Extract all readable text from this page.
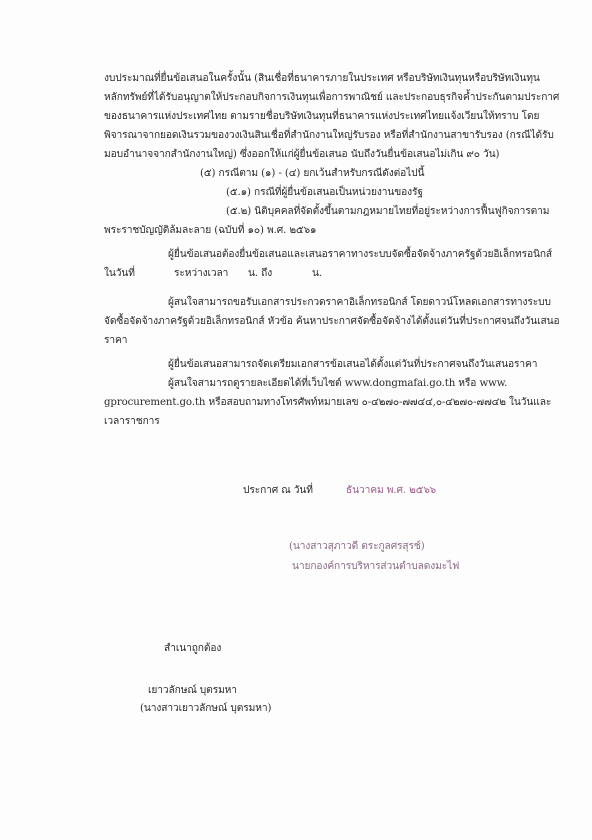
งบประมาณที่ยื่นข้อเสนอในครั้งนั้น (สินเชื่อที่ธนาคารภายในประเทศ หรือบริษัทเงินทุนหรือบริษัทเงินทุน
หลักทรัพย์ที่ได้รับอนุญาตให้ประกอบกิจการเงินทุนเพื่อการพาณิชย์ และประกอบธุรกิจค้ำประกันตามประกาศ
ของธนาคารแห่งประเทศไทย ตามรายชื่อบริษัทเงินทุนที่ธนาคารแห่งประเทศไทยแจ้งเวียนให้ทราบ โดย
พิจารณาจากยอดเงินรวมของวงเงินสินเชื่อที่สำนักงานใหญ่รับรอง หรือที่สำนักงานสาขารับรอง (กรณีได้รับ
มอบอำนาจจากสำนักงานใหญ่) ซึ่งออกให้แก่ผู้ยื่นข้อเสนอ นับถึงวันยื่นข้อเสนอไม่เกิน ๙๐ วัน)
(๕) กรณีตาม (๑) - (๔) ยกเว้นสำหรับกรณีดังต่อไปนี้
(๕.๑) กรณีที่ผู้ยื่นข้อเสนอเป็นหน่วยงานของรัฐ
(๕.๒) นิติบุคคลที่จัดตั้งขึ้นตามกฎหมายไทยที่อยู่ระหว่างการฟื้นฟูกิจการตาม
พระราชบัญญัติล้มละลาย (ฉบับที่ ๑๐) พ.ศ. ๒๕๖๑
ผู้ยื่นข้อเสนอต้องยื่นข้อเสนอและเสนอราคาทางระบบจัดซื้อจัดจ้างภาครัฐด้วยอิเล็กทรอนิกส์
ในวันที่	ระหว่างเวลา น. ถึง	น.
ผู้สนใจสามารถขอรับเอกสารประกวดราคาอิเล็กทรอนิกส์ โดยดาวน์โหลดเอกสารทางระบบ
จัดซื้อจัดจ้างภาครัฐด้วยอิเล็กทรอนิกส์ หัวข้อ ค้นหาประกาศจัดซื้อจัดจ้างได้ตั้งแต่วันที่ประกาศจนถึงวันเสนอ
ราคา
ผู้ยื่นข้อเสนอสามารถจัดเตรียมเอกสารข้อเสนอได้ตั้งแต่วันที่ประกาศจนถึงวันเสนอราคา
ผู้สนใจสามารถดูรายละเอียดได้ที่เว็บไซต์ www.dongmafai.go.th หรือ www.
gprocurement.go.th หรือสอบถามทางโทรศัพท์หมายเลข ๐-๔๒๗๐-๗๗๔๔,๐-๔๒๗๐-๗๗๔๒ ในวันและ
เวลาราชการ
ประกาศ ณ วันที่	ธันวาคม พ.ศ. ๒๕๖๖
(นางสาวสุภาวดี ตระกูลศรสุรช์)
นายกองค์การบริหารส่วนตำบลดงมะไฟ
สำเนาถูกต้อง
เยาวลักษณ์ บุตรมหา
(นางสาวเยาวลักษณ์ บุตรมหา)
